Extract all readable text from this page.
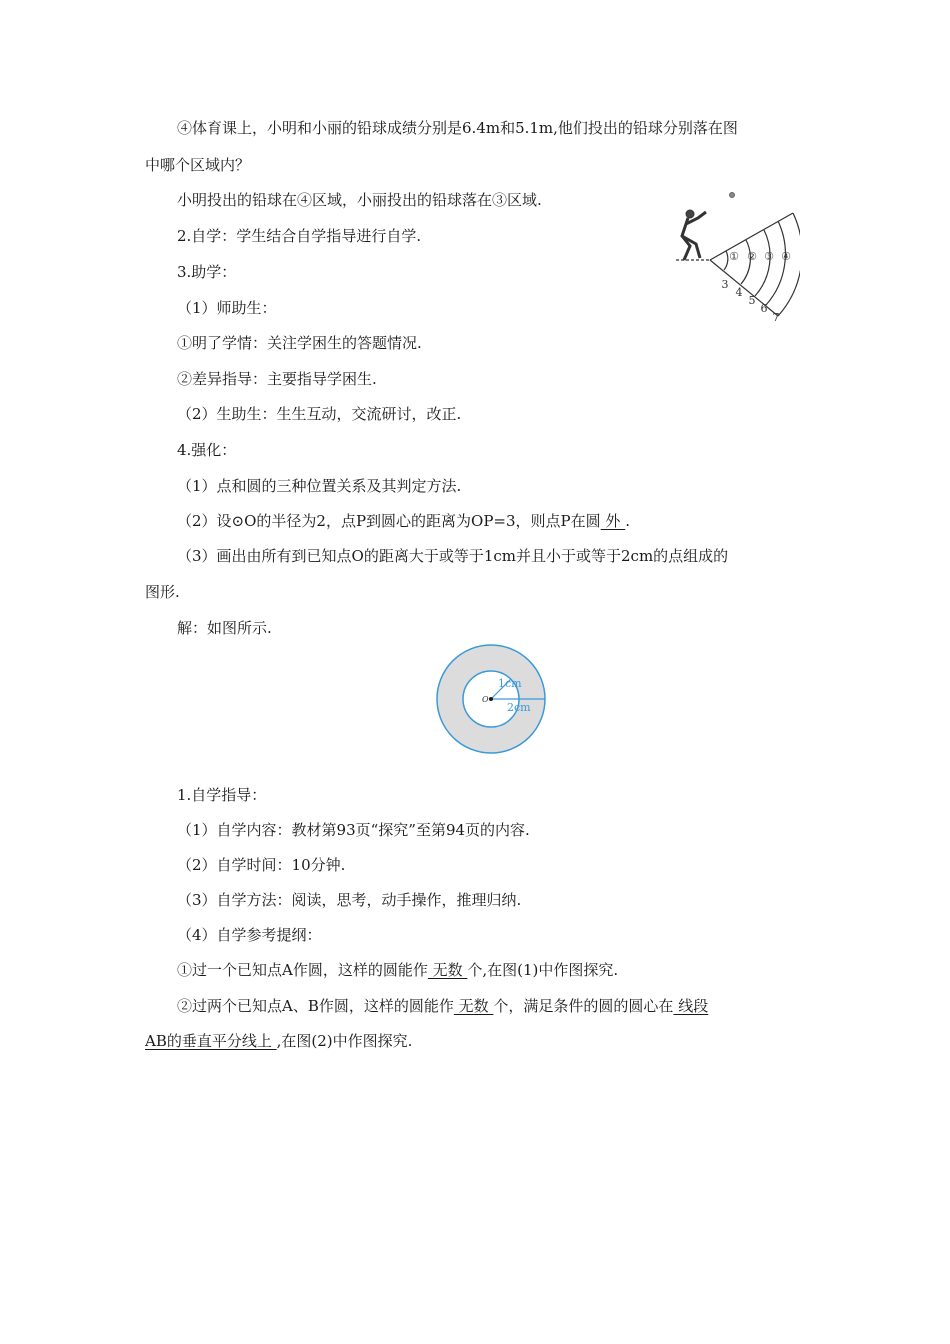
④体育课上，小明和小丽的铅球成绩分别是6.4m和5.1m,他们投出的铅球分别落在图
中哪个区域内？
小明投出的铅球在④区域，小丽投出的铅球落在③区域.
2.自学：学生结合自学指导进行自学.
3.助学：
（1）师助生：
①明了学情：关注学困生的答题情况.
②差异指导：主要指导学困生.
（2）生助生：生生互动，交流研讨，改正.
4.强化：
（1）点和圆的三种位置关系及其判定方法.
（2）设⊙O的半径为2，点P到圆心的距离为OP=3，则点P在圆 外 .
（3）画出由所有到已知点O的距离大于或等于1cm并且小于或等于2cm的点组成的
图形.
解：如图所示.
① ② ③ ④
3
4
5
6
7
1cm
2cm
O
1.自学指导：
（1）自学内容：教材第93页“探究”至第94页的内容.
（2）自学时间：10分钟.
（3）自学方法：阅读，思考，动手操作，推理归纳.
（4）自学参考提纲：
①过一个已知点A作圆，这样的圆能作 无数 个,在图(1)中作图探究.
②过两个已知点A、B作圆，这样的圆能作 无数 个，满足条件的圆的圆心在 线段
AB的垂直平分线上 ,在图(2)中作图探究.
